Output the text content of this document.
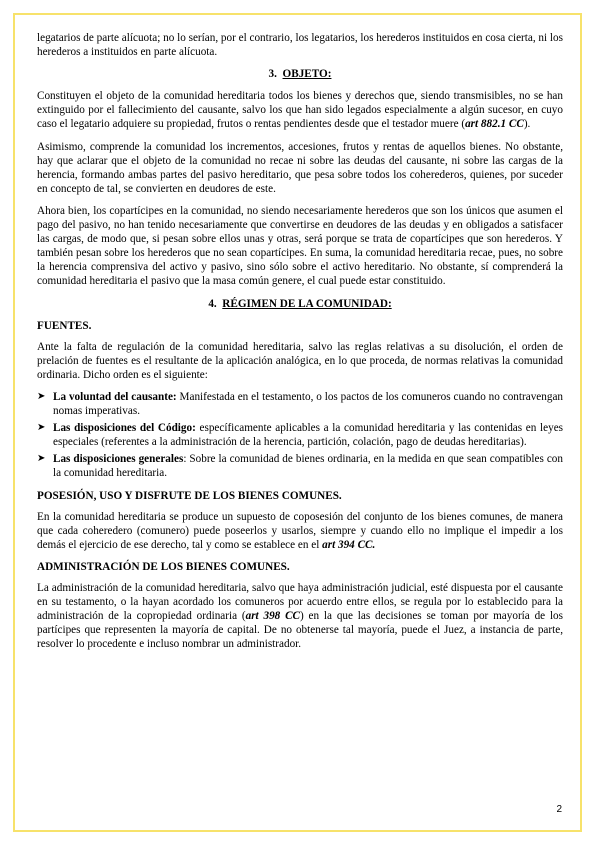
legatarios de parte alícuota; no lo serían, por el contrario, los legatarios, los herederos instituidos en cosa cierta, ni los herederos a instituidos en parte alícuota.

3. OBJETO:

Constituyen el objeto de la comunidad hereditaria todos los bienes y derechos que, siendo transmisibles, no se han extinguido por el fallecimiento del causante, salvo los que han sido legados especialmente a algún sucesor, en cuyo caso el legatario adquiere su propiedad, frutos o rentas pendientes desde que el testador muere (art 882.1 CC).

Asimismo, comprende la comunidad los incrementos, accesiones, frutos y rentas de aquellos bienes. No obstante, hay que aclarar que el objeto de la comunidad no recae ni sobre las deudas del causante, ni sobre las cargas de la herencia, formando ambas partes del pasivo hereditario, que pesa sobre todos los coherederos, quienes, por suceder en concepto de tal, se convierten en deudores de este.

Ahora bien, los copartícipes en la comunidad, no siendo necesariamente herederos que son los únicos que asumen el pago del pasivo, no han tenido necesariamente que convertirse en deudores de las deudas y en obligados a satisfacer las cargas, de modo que, si pesan sobre ellos unas y otras, será porque se trata de copartícipes que son herederos. Y también pesan sobre los herederos que no sean copartícipes. En suma, la comunidad hereditaria recae, pues, no sobre la herencia comprensiva del activo y pasivo, sino sólo sobre el activo hereditario. No obstante, sí comprenderá la comunidad hereditaria el pasivo que la masa común genere, el cual puede estar constituido.

4. RÉGIMEN DE LA COMUNIDAD:
FUENTES.

Ante la falta de regulación de la comunidad hereditaria, salvo las reglas relativas a su disolución, el orden de prelación de fuentes es el resultante de la aplicación analógica, en lo que proceda, de normas relativas la comunidad ordinaria. Dicho orden es el siguiente:

➤ La voluntad del causante: Manifestada en el testamento, o los pactos de los comuneros cuando no contravengan nomas imperativas.
➤ Las disposiciones del Código: específicamente aplicables a la comunidad hereditaria y las contenidas en leyes especiales (referentes a la administración de la herencia, partición, colación, pago de deudas hereditarias).
➤ Las disposiciones generales: Sobre la comunidad de bienes ordinaria, en la medida en que sean compatibles con la comunidad hereditaria.
POSESIÓN, USO Y DISFRUTE DE LOS BIENES COMUNES.

En la comunidad hereditaria se produce un supuesto de coposesión del conjunto de los bienes comunes, de manera que cada coheredero (comunero) puede poseerlos y usarlos, siempre y cuando ello no implique el impedir a los demás el ejercicio de ese derecho, tal y como se establece en el art 394 CC.

ADMINISTRACIÓN DE LOS BIENES COMUNES.

La administración de la comunidad hereditaria, salvo que haya administración judicial, esté dispuesta por el causante en su testamento, o la hayan acordado los comuneros por acuerdo entre ellos, se regula por lo establecido para la administración de la copropiedad ordinaria (art 398 CC) en la que las decisiones se toman por mayoría de los partícipes que representen la mayoría de capital. De no obtenerse tal mayoría, puede el Juez, a instancia de parte, resolver lo procedente e incluso nombrar un administrador.

2
